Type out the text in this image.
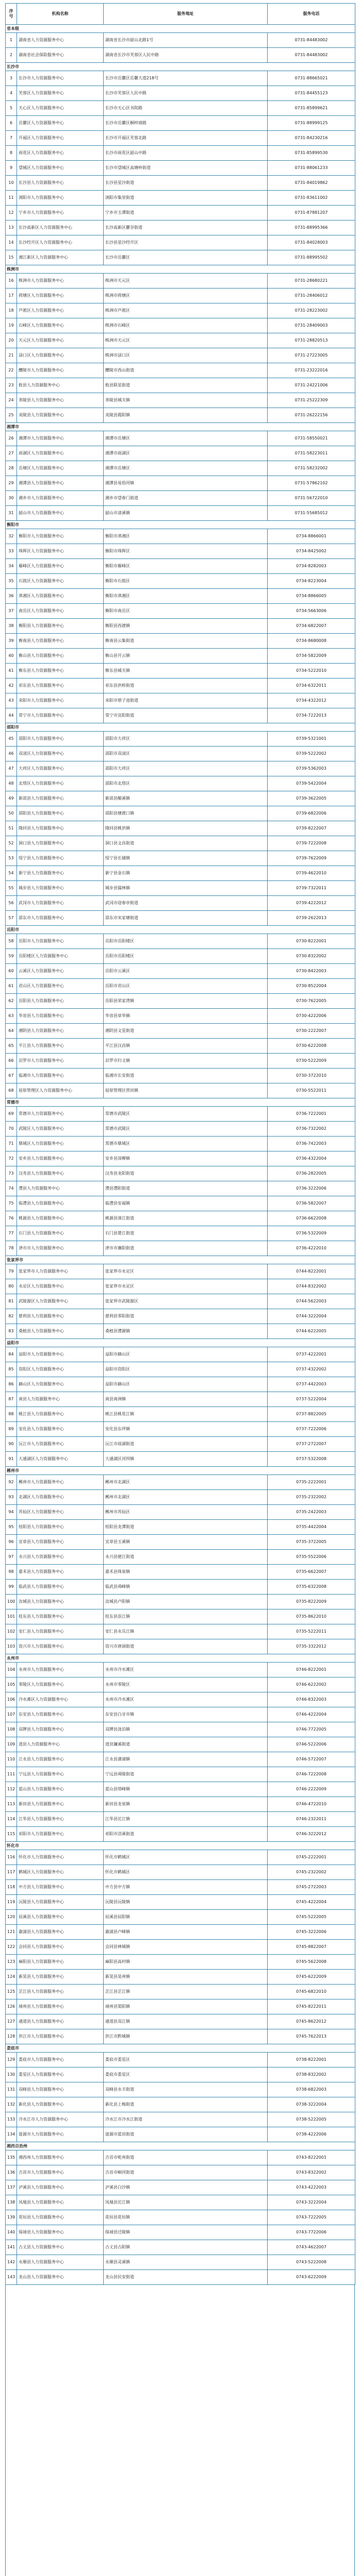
序号	机构名称	服务地址	服务电话
省本级			
1	湖南省人力资源服务中心	湖南省长沙市韶山北路1号	0731-84483002
2	湖南省社会保险服务中心	湖南省长沙市芙蓉区人民中路	0731-84483002
长沙市			
3	长沙市人力资源服务中心	长沙市岳麓区岳麓大道218号	0731-88665021
4	芙蓉区人力资源服务中心	长沙市芙蓉区人民中路	0731-84455123
5	天心区人力资源服务中心	长沙市天心区书院路	0731-85899621
6	岳麓区人力资源服务中心	长沙市岳麓区桐梓坡路	0731-88999125
7	开福区人力资源服务中心	长沙市开福区芙蓉北路	0731-84230216
8	雨花区人力资源服务中心	长沙市雨花区韶山中路	0731-85899530
9	望城区人力资源服务中心	长沙市望城区高塘岭街道	0731-88061233
10	长沙县人力资源服务中心	长沙县星沙街道	0731-84019862
11	浏阳市人力资源服务中心	浏阳市集里街道	0731-83611002
12	宁乡市人力资源服务中心	宁乡市玉潭街道	0731-87881207
13	长沙高新区人力资源服务中心	长沙高新区麓谷街道	0731-88995366
14	长沙经开区人力资源服务中心	长沙县星沙经开区	0731-84028003
15	湘江新区人力资源服务中心	长沙市岳麓区	0731-88995502
株洲市			
16	株洲市人力资源服务中心	株洲市天元区	0731-28680221
17	荷塘区人力资源服务中心	株洲市荷塘区	0731-28406012
18	芦淞区人力资源服务中心	株洲市芦淞区	0731-28223002
19	石峰区人力资源服务中心	株洲市石峰区	0731-28409003
20	天元区人力资源服务中心	株洲市天元区	0731-28820513
21	渌口区人力资源服务中心	株洲市渌口区	0731-27223005
22	醴陵市人力资源服务中心	醴陵市西山街道	0731-23222016
23	攸县人力资源服务中心	攸县联星街道	0731-24221006
24	茶陵县人力资源服务中心	茶陵县城关镇	0731-25222309
25	炎陵县人力资源服务中心	炎陵县霞阳镇	0731-26222156
湘潭市			
26	湘潭市人力资源服务中心	湘潭市岳塘区	0731-58550021
27	雨湖区人力资源服务中心	湘潭市雨湖区	0731-58223011
28	岳塘区人力资源服务中心	湘潭市岳塘区	0731-58232002
29	湘潭县人力资源服务中心	湘潭县易俗河镇	0731-57862102
30	湘乡市人力资源服务中心	湘乡市望春门街道	0731-56722010
31	韶山市人力资源服务中心	韶山市清溪镇	0731-55685012
衡阳市			
32	衡阳市人力资源服务中心	衡阳市蒸湘区	0734-8866001
33	珠晖区人力资源服务中心	衡阳市珠晖区	0734-8425002
34	雁峰区人力资源服务中心	衡阳市雁峰区	0734-8282003
35	石鼓区人力资源服务中心	衡阳市石鼓区	0734-8223004
36	蒸湘区人力资源服务中心	衡阳市蒸湘区	0734-8866005
37	南岳区人力资源服务中心	衡阳市南岳区	0734-5663006
38	衡阳县人力资源服务中心	衡阳县西渡镇	0734-6822007
39	衡南县人力资源服务中心	衡南县云集街道	0734-8680008
40	衡山县人力资源服务中心	衡山县开云镇	0734-5822009
41	衡东县人力资源服务中心	衡东县城关镇	0734-5222010
42	祁东县人力资源服务中心	祁东县洪桥街道	0734-6322011
43	耒阳市人力资源服务中心	耒阳市蔡子池街道	0734-4322012
44	常宁市人力资源服务中心	常宁市宜阳街道	0734-7222013
邵阳市			
45	邵阳市人力资源服务中心	邵阳市大祥区	0739-5321001
46	双清区人力资源服务中心	邵阳市双清区	0739-5222002
47	大祥区人力资源服务中心	邵阳市大祥区	0739-5362003
48	北塔区人力资源服务中心	邵阳市北塔区	0739-5422004
49	新邵县人力资源服务中心	新邵县酿溪镇	0739-3622005
50	邵阳县人力资源服务中心	邵阳县塘渡口镇	0739-6822006
51	隆回县人力资源服务中心	隆回县桃洪镇	0739-8222007
52	洞口县人力资源服务中心	洞口县文昌街道	0739-7222008
53	绥宁县人力资源服务中心	绥宁县长铺镇	0739-7622009
54	新宁县人力资源服务中心	新宁县金石镇	0739-4622010
55	城步县人力资源服务中心	城步县儒林镇	0739-7322011
56	武冈市人力资源服务中心	武冈市迎春亭街道	0739-4222012
57	邵东市人力资源服务中心	邵东市宋家塘街道	0739-2622013
岳阳市			
58	岳阳市人力资源服务中心	岳阳市岳阳楼区	0730-8222001
59	岳阳楼区人力资源服务中心	岳阳市岳阳楼区	0730-8322002
60	云溪区人力资源服务中心	岳阳市云溪区	0730-8422003
61	君山区人力资源服务中心	岳阳市君山区	0730-8522004
62	岳阳县人力资源服务中心	岳阳县荣家湾镇	0730-7622005
63	华容县人力资源服务中心	华容县章华镇	0730-4222006
64	湘阴县人力资源服务中心	湘阴县文星街道	0730-2222007
65	平江县人力资源服务中心	平江县汉昌镇	0730-6222008
66	汨罗市人力资源服务中心	汨罗市归义镇	0730-5222009
67	临湘市人力资源服务中心	临湘市长安街道	0730-3722010
68	屈原管理区人力资源服务中心	屈原管理区营田镇	0730-5522011
常德市			
69	常德市人力资源服务中心	常德市武陵区	0736-7222001
70	武陵区人力资源服务中心	常德市武陵区	0736-7322002
71	鼎城区人力资源服务中心	常德市鼎城区	0736-7422003
72	安乡县人力资源服务中心	安乡县深柳镇	0736-4322004
73	汉寿县人力资源服务中心	汉寿县龙阳街道	0736-2822005
74	澧县人力资源服务中心	澧县澧阳街道	0736-3222006
75	临澧县人力资源服务中心	临澧县安福镇	0736-5822007
76	桃源县人力资源服务中心	桃源县漳江街道	0736-6622008
77	石门县人力资源服务中心	石门县楚江街道	0736-5322009
78	津市市人力资源服务中心	津市市襄阳街道	0736-4222010
张家界市			
79	张家界市人力资源服务中心	张家界市永定区	0744-8222001
80	永定区人力资源服务中心	张家界市永定区	0744-8322002
81	武陵源区人力资源服务中心	张家界市武陵源区	0744-5622003
82	慈利县人力资源服务中心	慈利县零阳街道	0744-3222004
83	桑植县人力资源服务中心	桑植县澧源镇	0744-6222005
益阳市			
84	益阳市人力资源服务中心	益阳市赫山区	0737-4222001
85	资阳区人力资源服务中心	益阳市资阳区	0737-4322002
86	赫山区人力资源服务中心	益阳市赫山区	0737-4422003
87	南县人力资源服务中心	南县南洲镇	0737-5222004
88	桃江县人力资源服务中心	桃江县桃花江镇	0737-8822005
89	安化县人力资源服务中心	安化县东坪镇	0737-7222006
90	沅江市人力资源服务中心	沅江市琼湖街道	0737-2722007
91	大通湖区人力资源服务中心	大通湖区河坝镇	0737-5322008
郴州市			
92	郴州市人力资源服务中心	郴州市北湖区	0735-2222001
93	北湖区人力资源服务中心	郴州市北湖区	0735-2322002
94	苏仙区人力资源服务中心	郴州市苏仙区	0735-2422003
95	桂阳县人力资源服务中心	桂阳县龙潭街道	0735-4422004
96	宜章县人力资源服务中心	宜章县玉溪镇	0735-3722005
97	永兴县人力资源服务中心	永兴县便江街道	0735-5522006
98	嘉禾县人力资源服务中心	嘉禾县珠泉镇	0735-6622007
99	临武县人力资源服务中心	临武县舜峰镇	0735-6322008
100	汝城县人力资源服务中心	汝城县卢阳镇	0735-8222009
101	桂东县人力资源服务中心	桂东县沤江镇	0735-8622010
102	安仁县人力资源服务中心	安仁县永乐江镇	0735-5222011
103	资兴市人力资源服务中心	资兴市唐洞街道	0735-3322012
永州市			
104	永州市人力资源服务中心	永州市冷水滩区	0746-8222001
105	零陵区人力资源服务中心	永州市零陵区	0746-6222002
106	冷水滩区人力资源服务中心	永州市冷水滩区	0746-8322003
107	东安县人力资源服务中心	东安县白牙市镇	0746-4222004
108	双牌县人力资源服务中心	双牌县泷泊镇	0746-7722005
109	道县人力资源服务中心	道县濂溪街道	0746-5222006
110	江永县人力资源服务中心	江永县潇浦镇	0746-5722007
111	宁远县人力资源服务中心	宁远县舜陵街道	0746-7222008
112	蓝山县人力资源服务中心	蓝山县塔峰镇	0746-2222009
113	新田县人力资源服务中心	新田县龙泉镇	0746-4722010
114	江华县人力资源服务中心	江华县沱江镇	0746-2322011
115	祁阳市人力资源服务中心	祁阳市浯溪街道	0746-3222012
怀化市			
116	怀化市人力资源服务中心	怀化市鹤城区	0745-2222001
117	鹤城区人力资源服务中心	怀化市鹤城区	0745-2322002
118	中方县人力资源服务中心	中方县中方镇	0745-2722003
119	沅陵县人力资源服务中心	沅陵县沅陵镇	0745-4222004
120	辰溪县人力资源服务中心	辰溪县辰阳镇	0745-5222005
121	溆浦县人力资源服务中心	溆浦县卢峰镇	0745-3222006
122	会同县人力资源服务中心	会同县林城镇	0745-8822007
123	麻阳县人力资源服务中心	麻阳县高村镇	0745-5622008
124	新晃县人力资源服务中心	新晃县晃州镇	0745-6222009
125	芷江县人力资源服务中心	芷江县芷江镇	0745-6822010
126	靖州县人力资源服务中心	靖州县渠阳镇	0745-8222011
127	通道县人力资源服务中心	通道县双江镇	0745-8622012
128	洪江市人力资源服务中心	洪江市黔城镇	0745-7622013
娄底市			
129	娄底市人力资源服务中心	娄底市娄星区	0738-8222001
130	娄星区人力资源服务中心	娄底市娄星区	0738-8322002
131	双峰县人力资源服务中心	双峰县永丰街道	0738-6822003
132	新化县人力资源服务中心	新化县上梅街道	0738-3222004
133	冷水江市人力资源服务中心	冷水江市冷水江街道	0738-5222005
134	涟源市人力资源服务中心	涟源市蓝田街道	0738-4222006
湘西自治州			
135	湘西州人力资源服务中心	吉首市乾州街道	0743-8222001
136	吉首市人力资源服务中心	吉首市峒河街道	0743-8322002
137	泸溪县人力资源服务中心	泸溪县白沙镇	0743-4222003
138	凤凰县人力资源服务中心	凤凰县沱江镇	0743-3222004
139	花垣县人力资源服务中心	花垣县花垣镇	0743-7222005
140	保靖县人力资源服务中心	保靖县迁陵镇	0743-7722006
141	古丈县人力资源服务中心	古丈县古阳镇	0743-4622007
142	永顺县人力资源服务中心	永顺县灵溪镇	0743-5222008
143	龙山县人力资源服务中心	龙山县民安街道	0743-6222009
